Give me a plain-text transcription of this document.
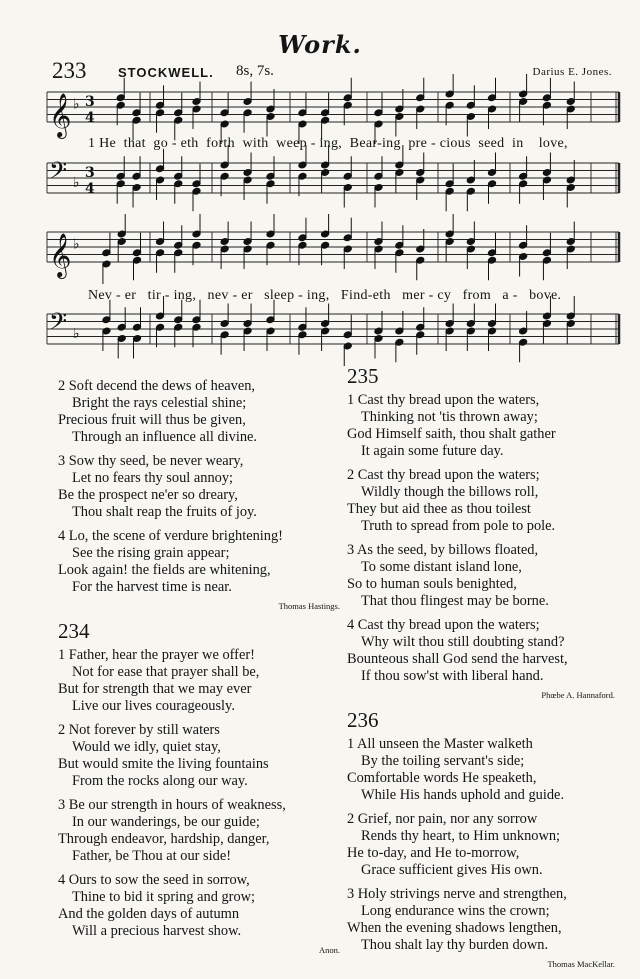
Work.
233 STOCKWELL. 8s, 7s.	Darius E. Jones.
𝄞 ♭ 3
4
𝄢 ♭
3
4
𝄞 ♭
𝄢 ♭
1 He  that  go - eth  forth  with  weep - ing,  Bear-ing  pre - cious  seed  in    love,
Nev - er   tir - ing,   nev - er   sleep - ing,   Find-eth   mer - cy   from   a -   bove.
2 Soft decend the dews of heaven,
Bright the rays celestial shine;
Precious fruit will thus be given,
Through an influence all divine.
3 Sow thy seed, be never weary,
Let no fears thy soul annoy;
Be the prospect ne'er so dreary,
Thou shalt reap the fruits of joy.
4 Lo, the scene of verdure brightening!
See the rising grain appear;
Look again! the fields are whitening,
For the harvest time is near.
Thomas Hastings.
234
1 Father, hear the prayer we offer!
Not for ease that prayer shall be,
But for strength that we may ever
Live our lives courageously.
2 Not forever by still waters
Would we idly, quiet stay,
But would smite the living fountains
From the rocks along our way.
3 Be our strength in hours of weakness,
In our wanderings, be our guide;
Through endeavor, hardship, danger,
Father, be Thou at our side!
4 Ours to sow the seed in sorrow,
Thine to bid it spring and grow;
And the golden days of autumn
Will a precious harvest show.
Anon.
235
1 Cast thy bread upon the waters,
Thinking not 'tis thrown away;
God Himself saith, thou shalt gather
It again some future day.
2 Cast thy bread upon the waters;
Wildly though the billows roll,
They but aid thee as thou toilest
Truth to spread from pole to pole.
3 As the seed, by billows floated,
To some distant island lone,
So to human souls benighted,
That thou flingest may be borne.
4 Cast thy bread upon the waters;
Why wilt thou still doubting stand?
Bounteous shall God send the harvest,
If thou sow'st with liberal hand.
Phœbe A. Hannaford.
236
1 All unseen the Master walketh
By the toiling servant's side;
Comfortable words He speaketh,
While His hands uphold and guide.
2 Grief, nor pain, nor any sorrow
Rends thy heart, to Him unknown;
He to-day, and He to-morrow,
Grace sufficient gives His own.
3 Holy strivings nerve and strengthen,
Long endurance wins the crown;
When the evening shadows lengthen,
Thou shalt lay thy burden down.
Thomas MacKellar.
